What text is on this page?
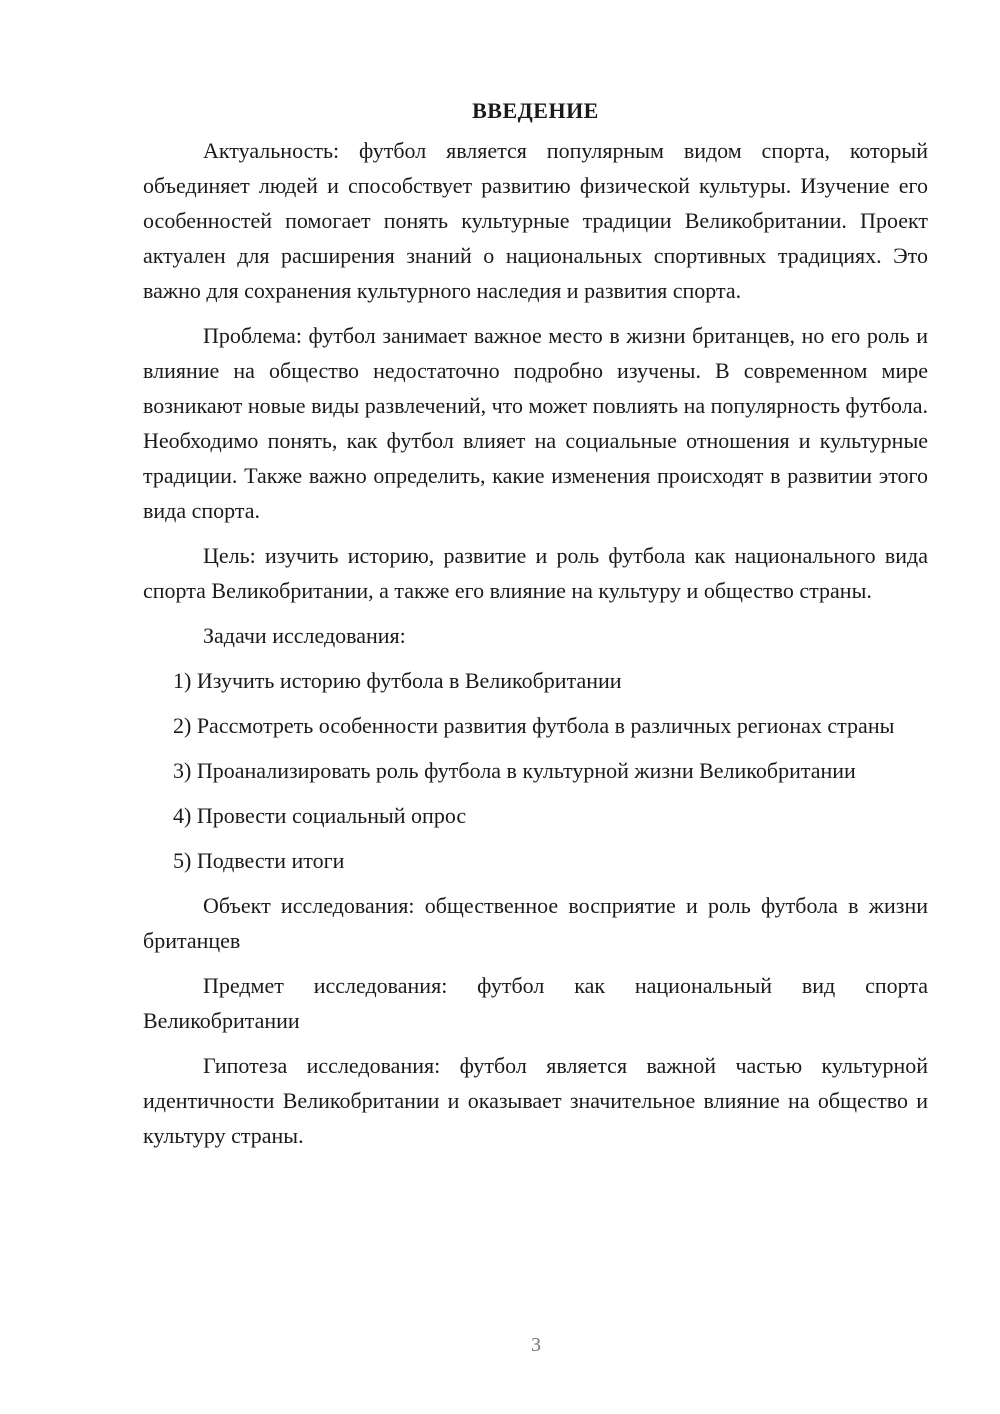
ВВЕДЕНИЕ
Актуальность: футбол является популярным видом спорта, который объединяет людей и способствует развитию физической культуры. Изучение его особенностей помогает понять культурные традиции Великобритании. Проект актуален для расширения знаний о национальных спортивных традициях. Это важно для сохранения культурного наследия и развития спорта.
Проблема: футбол занимает важное место в жизни британцев, но его роль и влияние на общество недостаточно подробно изучены. В современном мире возникают новые виды развлечений, что может повлиять на популярность футбола. Необходимо понять, как футбол влияет на социальные отношения и культурные традиции. Также важно определить, какие изменения происходят в развитии этого вида спорта.
Цель: изучить историю, развитие и роль футбола как национального вида спорта Великобритании, а также его влияние на культуру и общество страны.
Задачи исследования:
1) Изучить историю футбола в Великобритании
2) Рассмотреть особенности развития футбола в различных регионах страны
3) Проанализировать роль футбола в культурной жизни Великобритании
4) Провести социальный опрос
5) Подвести итоги
Объект исследования: общественное восприятие и роль футбола в жизни британцев
Предмет исследования: футбол как национальный вид спорта Великобритании
Гипотеза исследования: футбол является важной частью культурной идентичности Великобритании и оказывает значительное влияние на общество и культуру страны.
3
